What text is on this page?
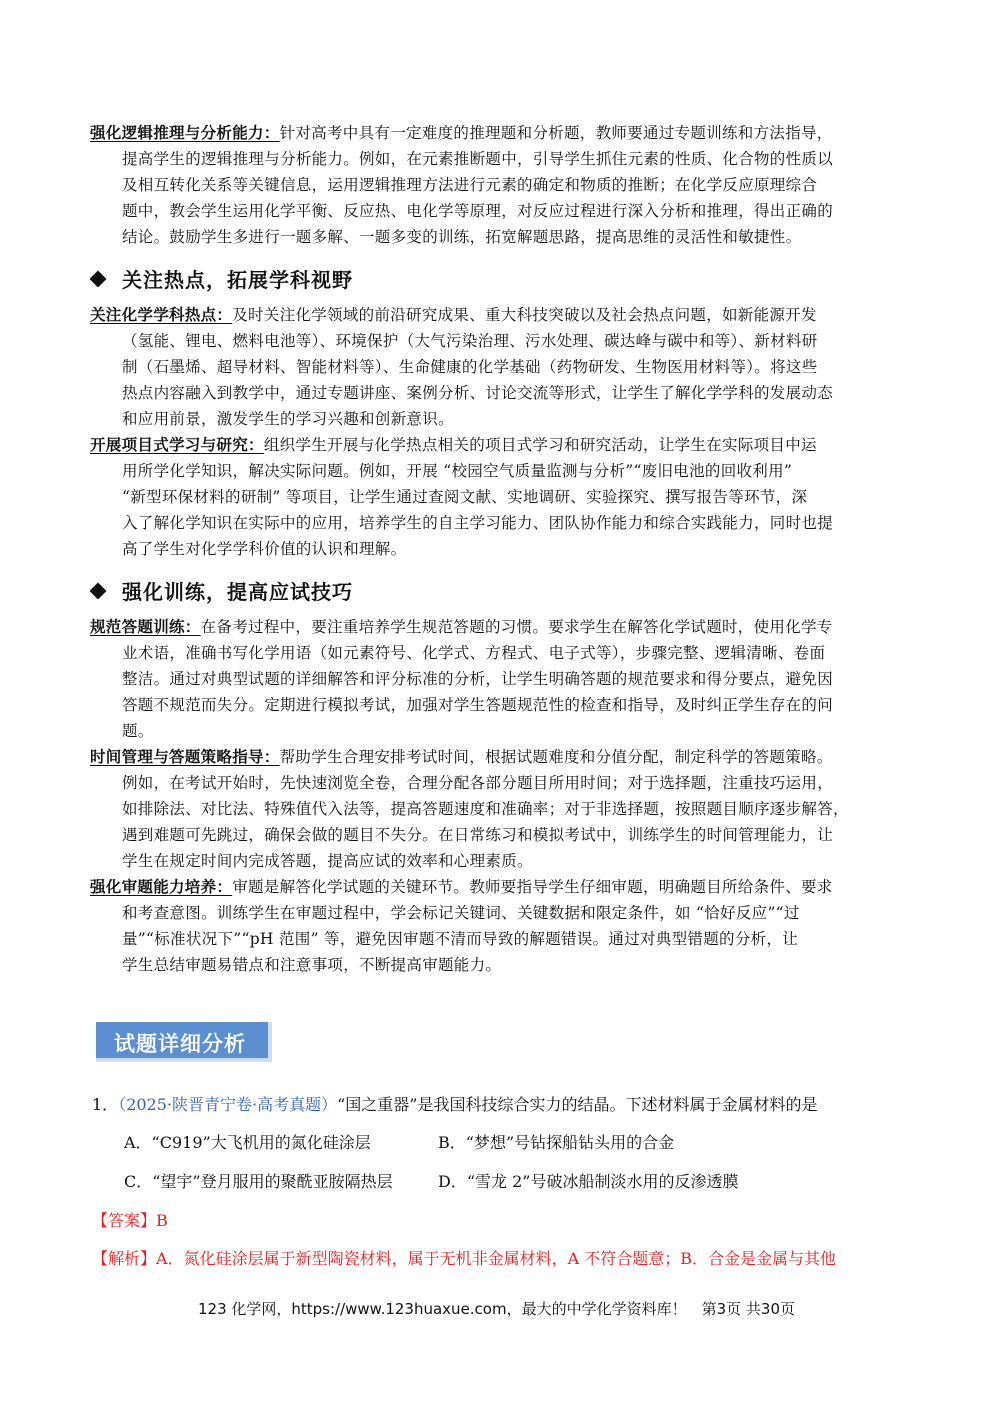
强化逻辑推理与分析能力：针对高考中具有一定难度的推理题和分析题，教师要通过专题训练和方法指导，
提高学生的逻辑推理与分析能力。例如，在元素推断题中，引导学生抓住元素的性质、化合物的性质以
及相互转化关系等关键信息，运用逻辑推理方法进行元素的确定和物质的推断；在化学反应原理综合
题中，教会学生运用化学平衡、反应热、电化学等原理，对反应过程进行深入分析和推理，得出正确的
结论。鼓励学生多进行一题多解、一题多变的训练，拓宽解题思路，提高思维的灵活性和敏捷性。
关注热点，拓展学科视野
关注化学学科热点：及时关注化学领域的前沿研究成果、重大科技突破以及社会热点问题，如新能源开发
（氢能、锂电、燃料电池等）、环境保护（大气污染治理、污水处理、碳达峰与碳中和等）、新材料研
制（石墨烯、超导材料、智能材料等）、生命健康的化学基础（药物研发、生物医用材料等）。将这些
热点内容融入到教学中，通过专题讲座、案例分析、讨论交流等形式，让学生了解化学学科的发展动态
和应用前景，激发学生的学习兴趣和创新意识。
开展项目式学习与研究：组织学生开展与化学热点相关的项目式学习和研究活动，让学生在实际项目中运
用所学化学知识，解决实际问题。例如，开展 “校园空气质量监测与分析”“废旧电池的回收利用”
“新型环保材料的研制” 等项目，让学生通过查阅文献、实地调研、实验探究、撰写报告等环节，深
入了解化学知识在实际中的应用，培养学生的自主学习能力、团队协作能力和综合实践能力，同时也提
高了学生对化学学科价值的认识和理解。
强化训练，提高应试技巧
规范答题训练：在备考过程中，要注重培养学生规范答题的习惯。要求学生在解答化学试题时，使用化学专
业术语，准确书写化学用语（如元素符号、化学式、方程式、电子式等），步骤完整、逻辑清晰、卷面
整洁。通过对典型试题的详细解答和评分标准的分析，让学生明确答题的规范要求和得分要点，避免因
答题不规范而失分。定期进行模拟考试，加强对学生答题规范性的检查和指导，及时纠正学生存在的问
题。
时间管理与答题策略指导：帮助学生合理安排考试时间，根据试题难度和分值分配，制定科学的答题策略。
例如，在考试开始时，先快速浏览全卷，合理分配各部分题目所用时间；对于选择题，注重技巧运用，
如排除法、对比法、特殊值代入法等，提高答题速度和准确率；对于非选择题，按照题目顺序逐步解答，
遇到难题可先跳过，确保会做的题目不失分。在日常练习和模拟考试中，训练学生的时间管理能力，让
学生在规定时间内完成答题，提高应试的效率和心理素质。
强化审题能力培养：审题是解答化学试题的关键环节。教师要指导学生仔细审题，明确题目所给条件、要求
和考查意图。训练学生在审题过程中，学会标记关键词、关键数据和限定条件，如 “恰好反应”“过
量”“标准状况下”“pH 范围” 等，避免因审题不清而导致的解题错误。通过对典型错题的分析，让
学生总结审题易错点和注意事项，不断提高审题能力。
试题详细分析
1．（2025·陕晋青宁卷·高考真题）“国之重器”是我国科技综合实力的结晶。下述材料属于金属材料的是
A．“C919”大飞机用的氮化硅涂层	B．“梦想”号钻探船钻头用的合金
C．“望宇”登月服用的聚酰亚胺隔热层	D．“雪龙 2”号破冰船制淡水用的反渗透膜
【答案】B
【解析】A．氮化硅涂层属于新型陶瓷材料，属于无机非金属材料，A 不符合题意；B．合金是金属与其他
123 化学网，https://www.123huaxue.com，最大的中学化学资料库！　第3页 共30页
